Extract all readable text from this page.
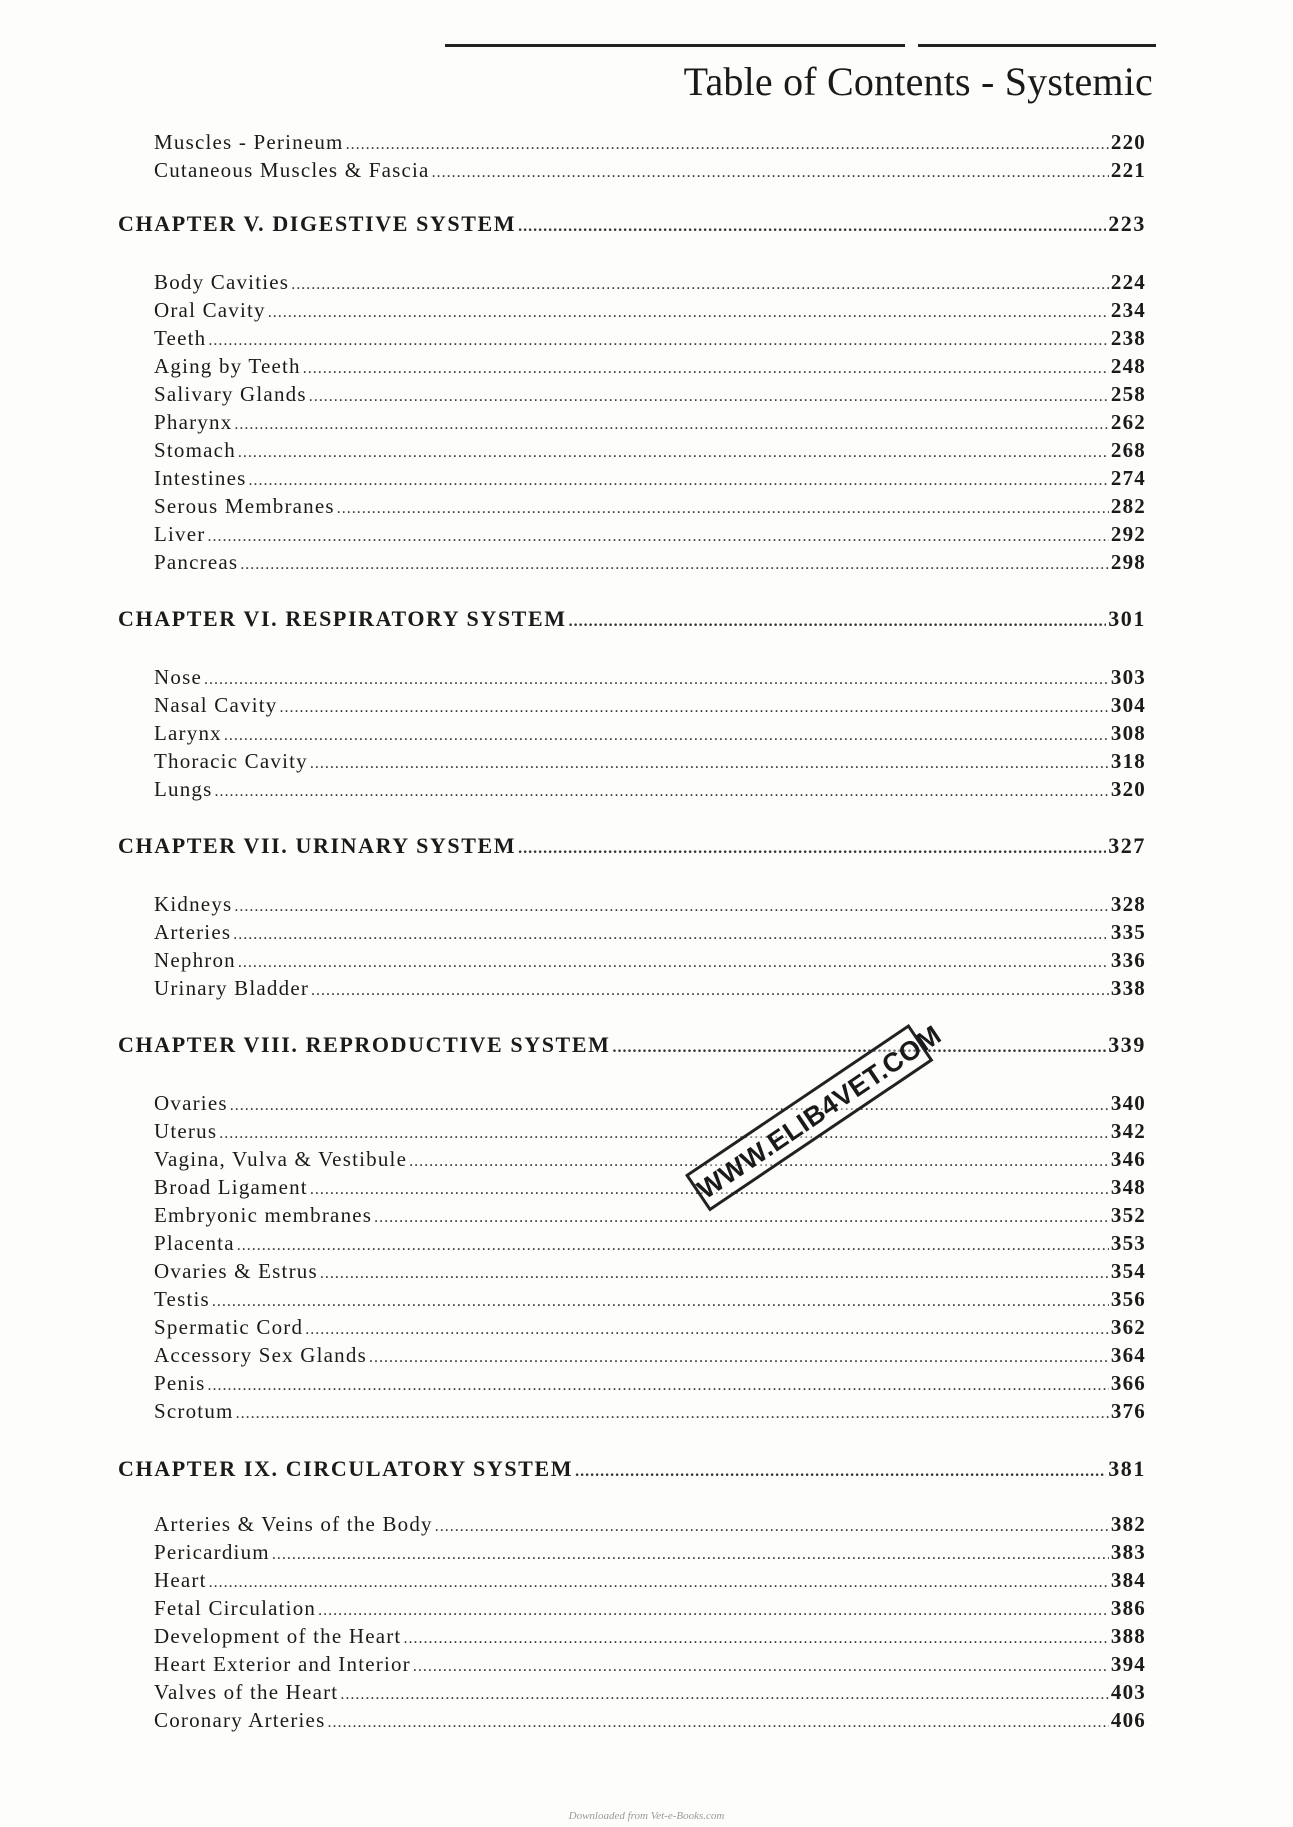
Table of Contents - Systemic
Muscles - Perineum .....	220
Cutaneous Muscles & Fascia .....	221
CHAPTER V. DIGESTIVE SYSTEM .....	223
Body Cavities .....	224
Oral Cavity .....	234
Teeth .....	238
Aging by Teeth .....	248
Salivary Glands .....	258
Pharynx .....	262
Stomach .....	268
Intestines .....	274
Serous Membranes .....	282
Liver .....	292
Pancreas .....	298
CHAPTER VI. RESPIRATORY SYSTEM .....	301
Nose .....	303
Nasal Cavity .....	304
Larynx .....	308
Thoracic Cavity .....	318
Lungs .....	320
CHAPTER VII. URINARY SYSTEM .....	327
Kidneys .....	328
Arteries .....	335
Nephron .....	336
Urinary Bladder .....	338
CHAPTER VIII. REPRODUCTIVE SYSTEM .....	339
Ovaries .....	340
Uterus .....	342
Vagina, Vulva & Vestibule .....	346
Broad Ligament .....	348
Embryonic membranes .....	352
Placenta .....	353
Ovaries & Estrus .....	354
Testis .....	356
Spermatic Cord .....	362
Accessory Sex Glands .....	364
Penis .....	366
Scrotum .....	376
CHAPTER IX. CIRCULATORY SYSTEM .....	381
Arteries & Veins of the Body .....	382
Pericardium .....	383
Heart .....	384
Fetal Circulation .....	386
Development of the Heart .....	388
Heart Exterior and Interior .....	394
Valves of the Heart .....	403
Coronary Arteries .....	406
WWW.ELIB4VET.COM
Downloaded from Vet-e-Books.com
